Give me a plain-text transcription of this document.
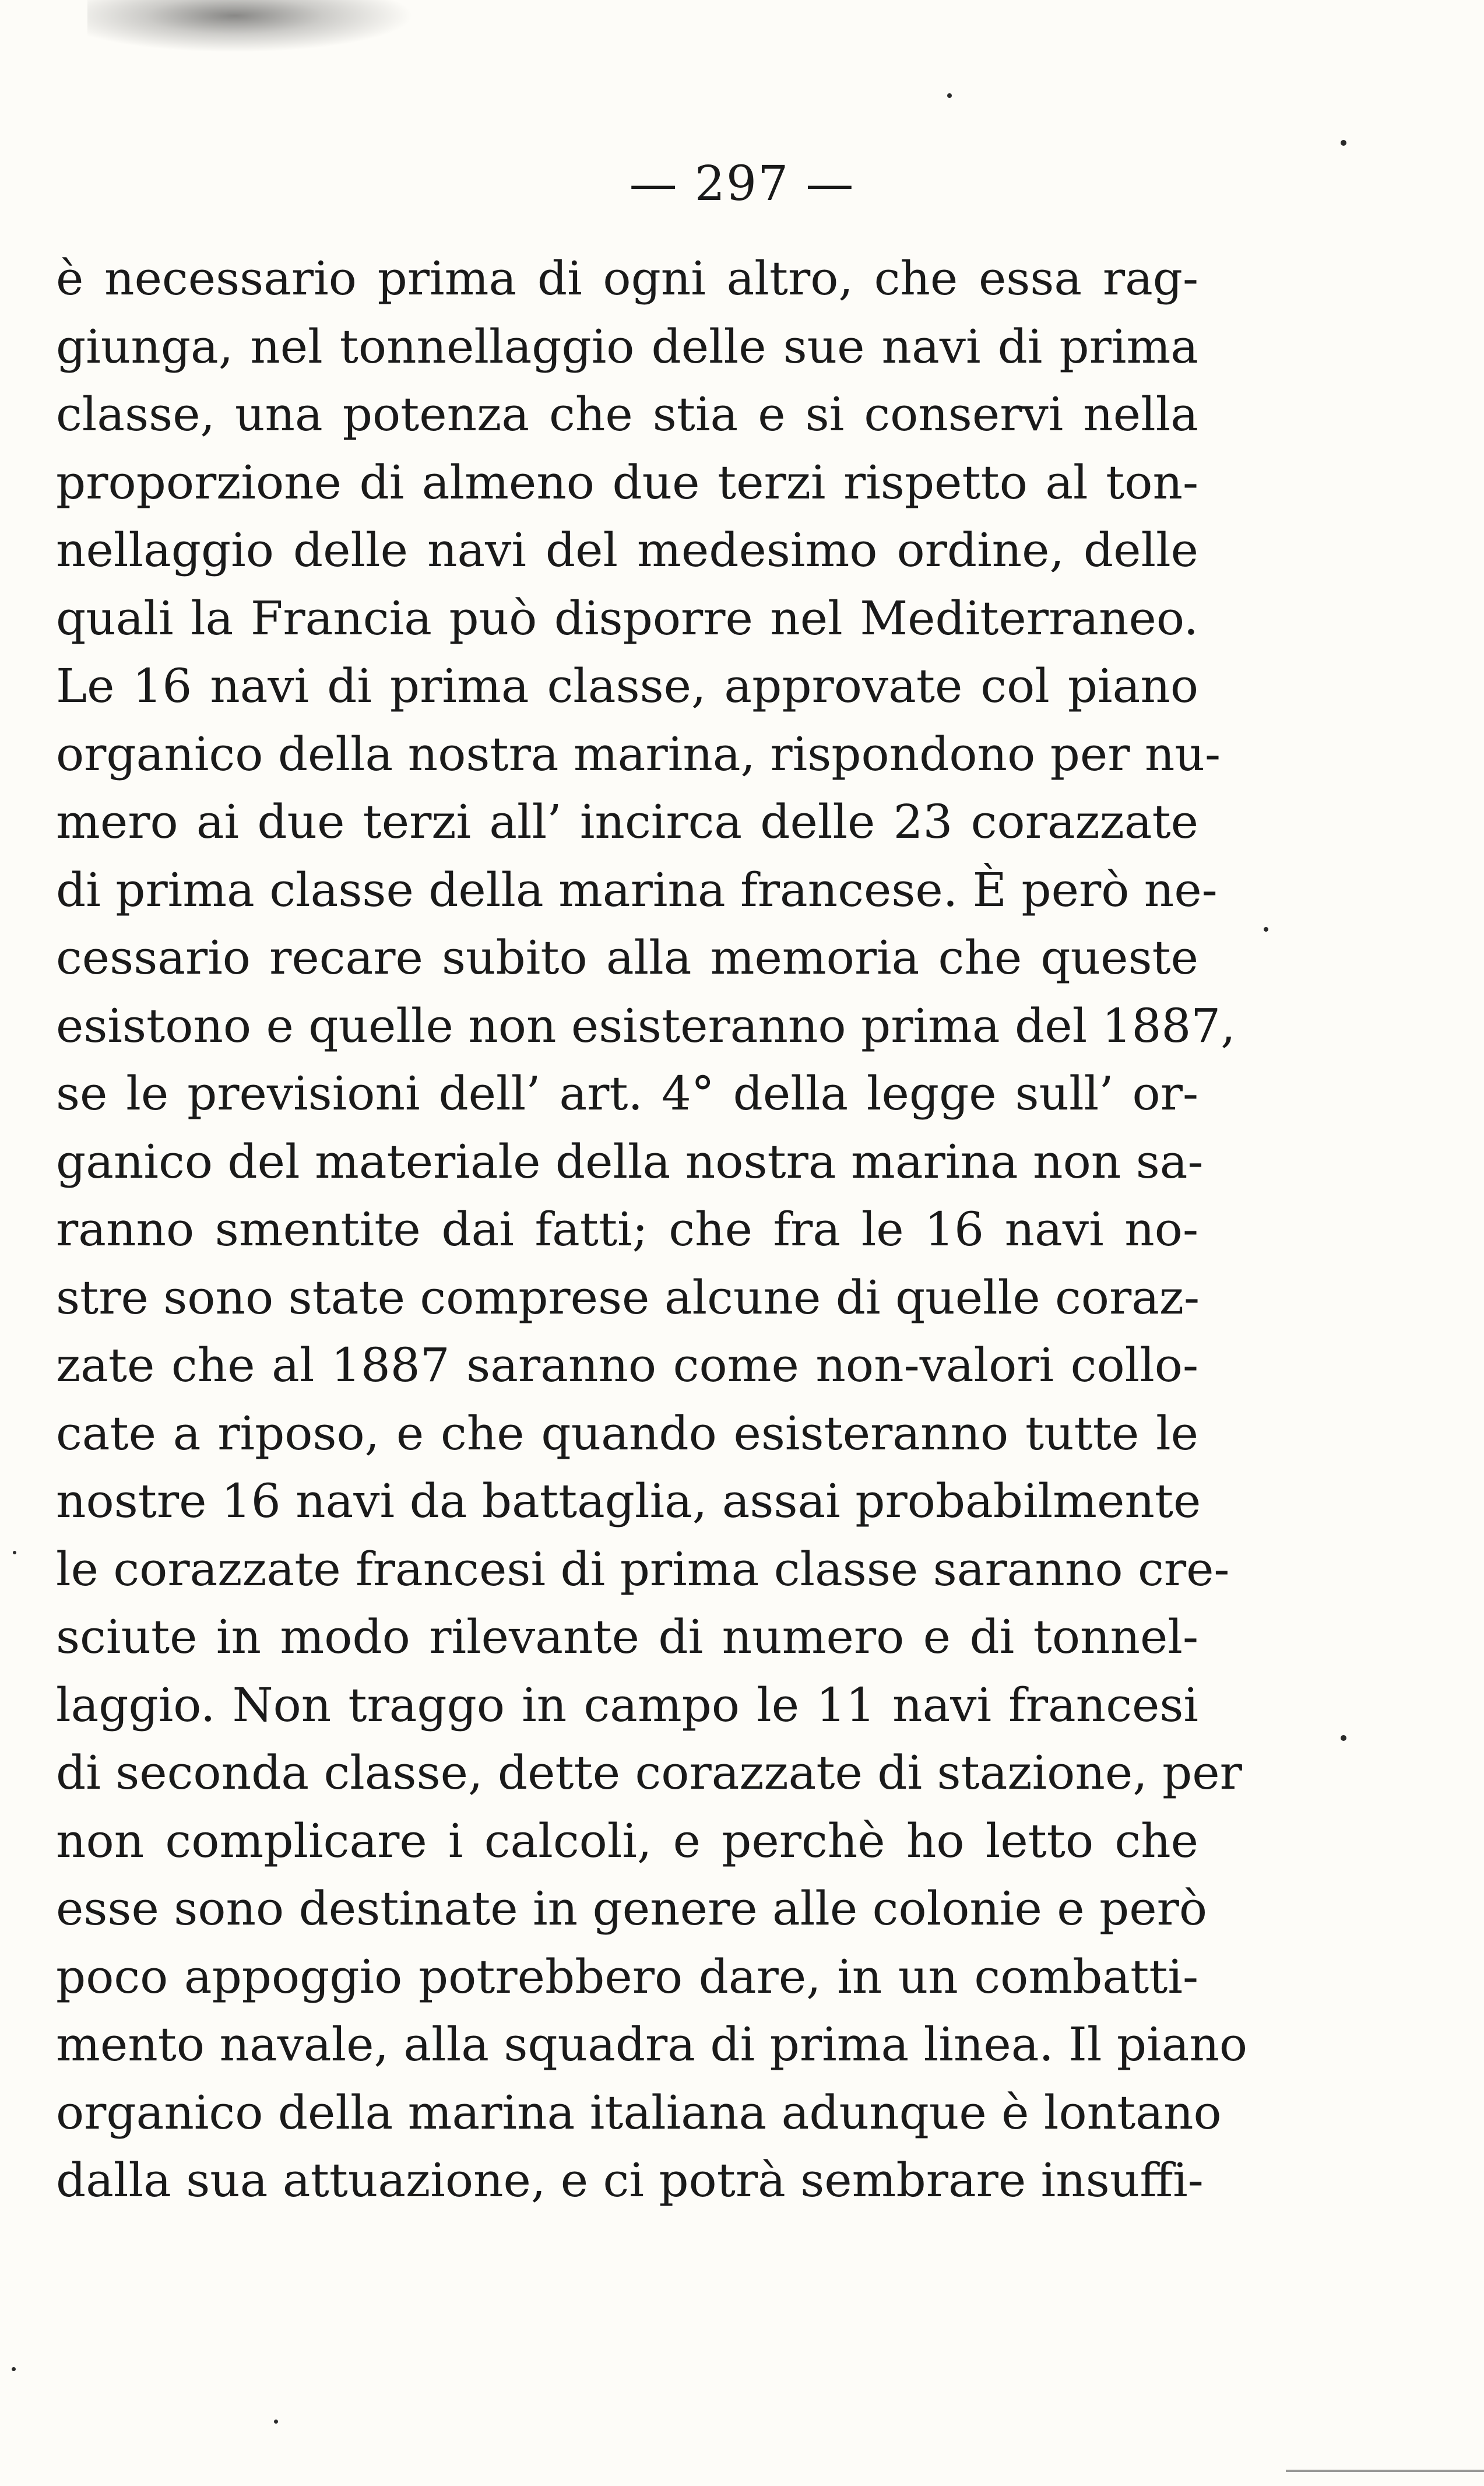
— 297 —
è necessario prima di ogni altro, che essa rag-
giunga, nel tonnellaggio delle sue navi di prima
classe, una potenza che stia e si conservi nella
proporzione di almeno due terzi rispetto al ton-
nellaggio delle navi del medesimo ordine, delle
quali la Francia può disporre nel Mediterraneo.
Le 16 navi di prima classe, approvate col piano
organico della nostra marina, rispondono per nu-
mero ai due terzi all’ incirca delle 23 corazzate
di prima classe della marina francese. È però ne-
cessario recare subito alla memoria che queste
esistono e quelle non esisteranno prima del 1887,
se le previsioni dell’ art. 4° della legge sull’ or-
ganico del materiale della nostra marina non sa-
ranno smentite dai fatti; che fra le 16 navi no-
stre sono state comprese alcune di quelle coraz-
zate che al 1887 saranno come non-valori collo-
cate a riposo, e che quando esisteranno tutte le
nostre 16 navi da battaglia, assai probabilmente
le corazzate francesi di prima classe saranno cre-
sciute in modo rilevante di numero e di tonnel-
laggio. Non traggo in campo le 11 navi francesi
di seconda classe, dette corazzate di stazione, per
non complicare i calcoli, e perchè ho letto che
esse sono destinate in genere alle colonie e però
poco appoggio potrebbero dare, in un combatti-
mento navale, alla squadra di prima linea. Il piano
organico della marina italiana adunque è lontano
dalla sua attuazione, e ci potrà sembrare insuffi-
